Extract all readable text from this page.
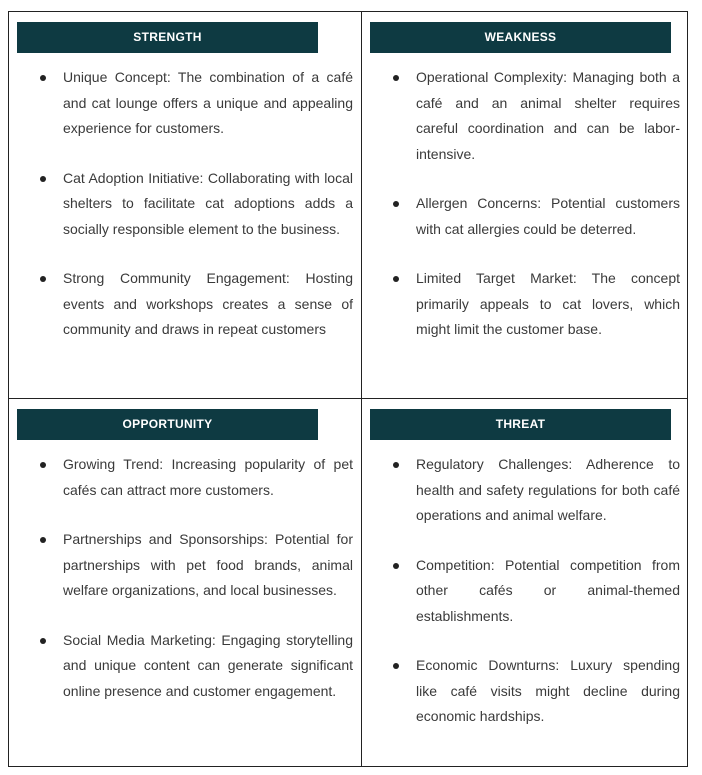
STRENGTH
Unique Concept: The combination of a café and cat lounge offers a unique and appealing experience for customers.
Cat Adoption Initiative: Collaborating with local shelters to facilitate cat adoptions adds a socially responsible element to the business.
Strong Community Engagement: Hosting events and workshops creates a sense of community and draws in repeat customers
WEAKNESS
Operational Complexity: Managing both a café and an animal shelter requires careful coordination and can be labor-intensive.
Allergen Concerns: Potential customers with cat allergies could be deterred.
Limited Target Market: The concept primarily appeals to cat lovers, which might limit the customer base.
OPPORTUNITY
Growing Trend: Increasing popularity of pet cafés can attract more customers.
Partnerships and Sponsorships: Potential for partnerships with pet food brands, animal welfare organizations, and local businesses.
Social Media Marketing: Engaging storytelling and unique content can generate significant online presence and customer engagement.
THREAT
Regulatory Challenges: Adherence to health and safety regulations for both café operations and animal welfare.
Competition: Potential competition from other cafés or animal-themed establishments.
Economic Downturns: Luxury spending like café visits might decline during economic hardships.
